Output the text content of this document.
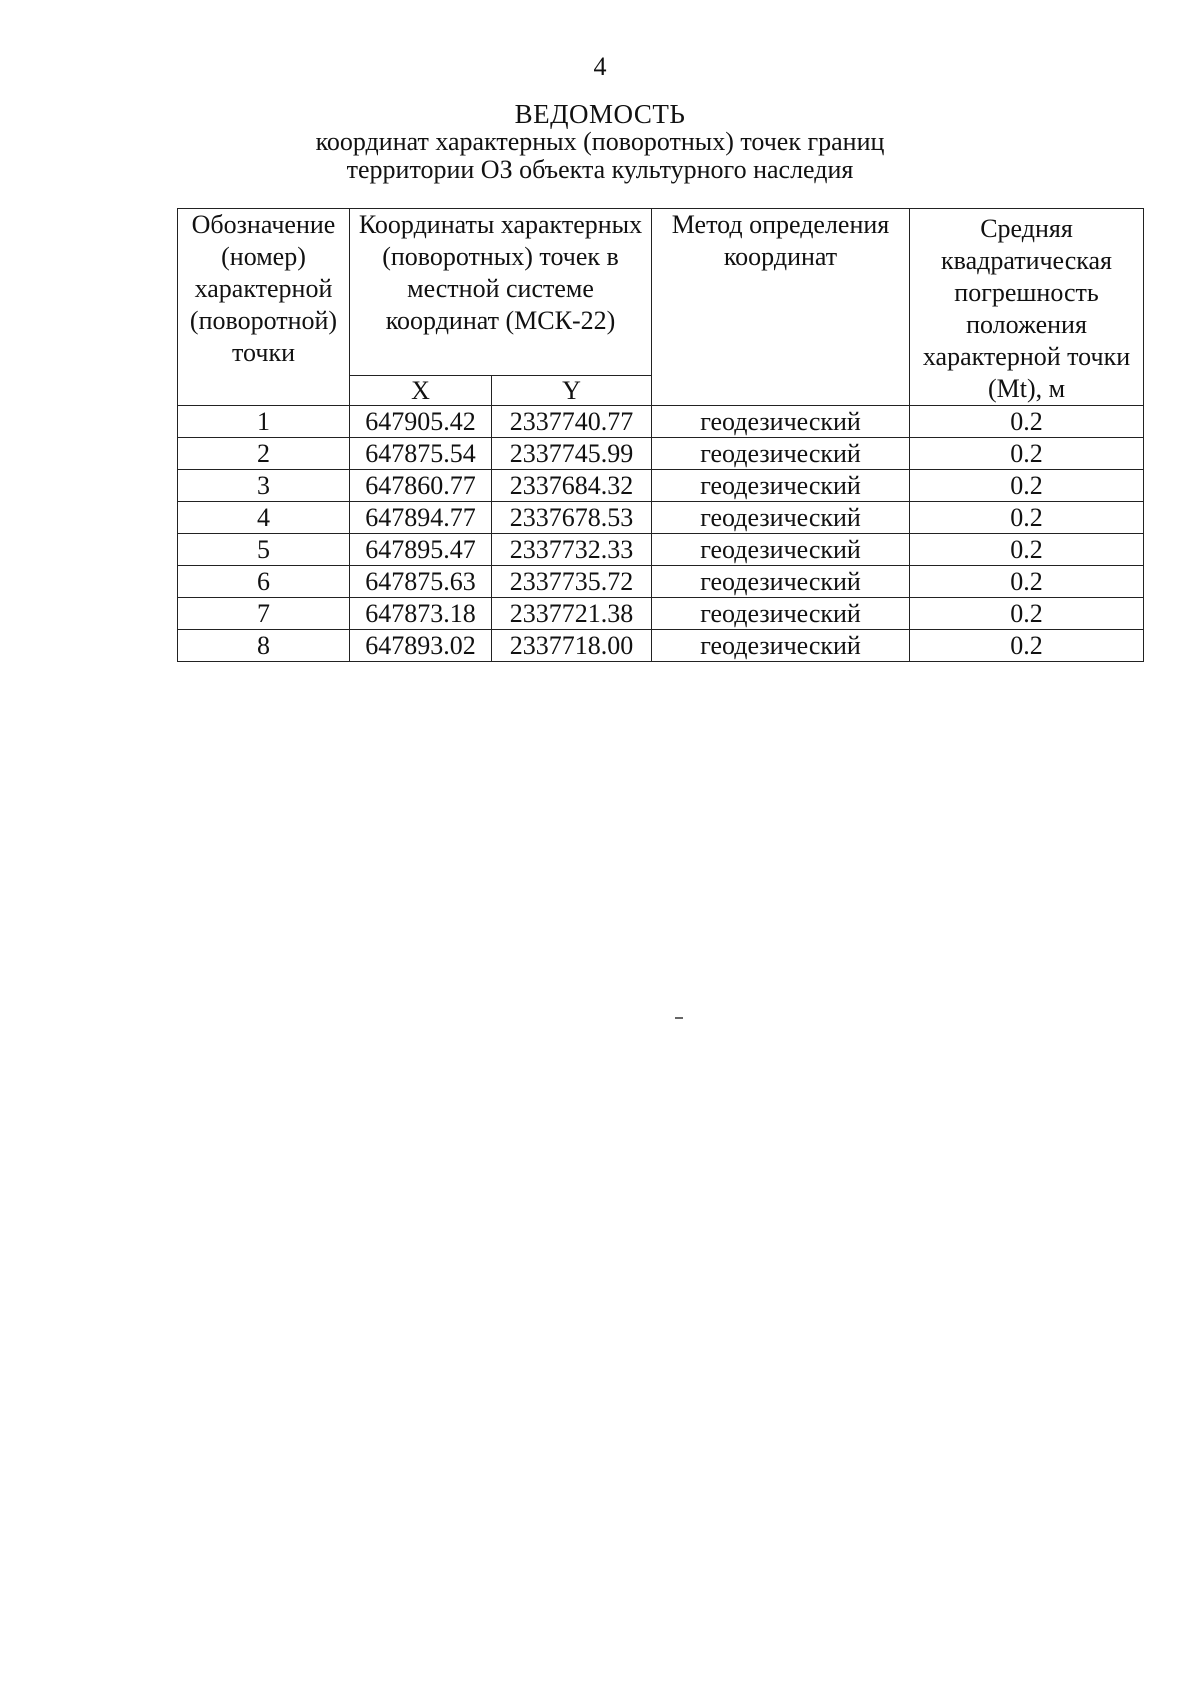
4
ВЕДОМОСТЬ
координат характерных (поворотных) точек границ
территории ОЗ объекта культурного наследия
Обозначение (номер) характерной (поворотной) точки	Координаты характерных (поворотных) точек в местной системе координат (МСК-22)		Метод определения координат	Средняя квадратическая погрешность положения характерной точки (Mt), м
	X	Y		
1	647905.42	2337740.77	геодезический	0.2
2	647875.54	2337745.99	геодезический	0.2
3	647860.77	2337684.32	геодезический	0.2
4	647894.77	2337678.53	геодезический	0.2
5	647895.47	2337732.33	геодезический	0.2
6	647875.63	2337735.72	геодезический	0.2
7	647873.18	2337721.38	геодезический	0.2
8	647893.02	2337718.00	геодезический	0.2
